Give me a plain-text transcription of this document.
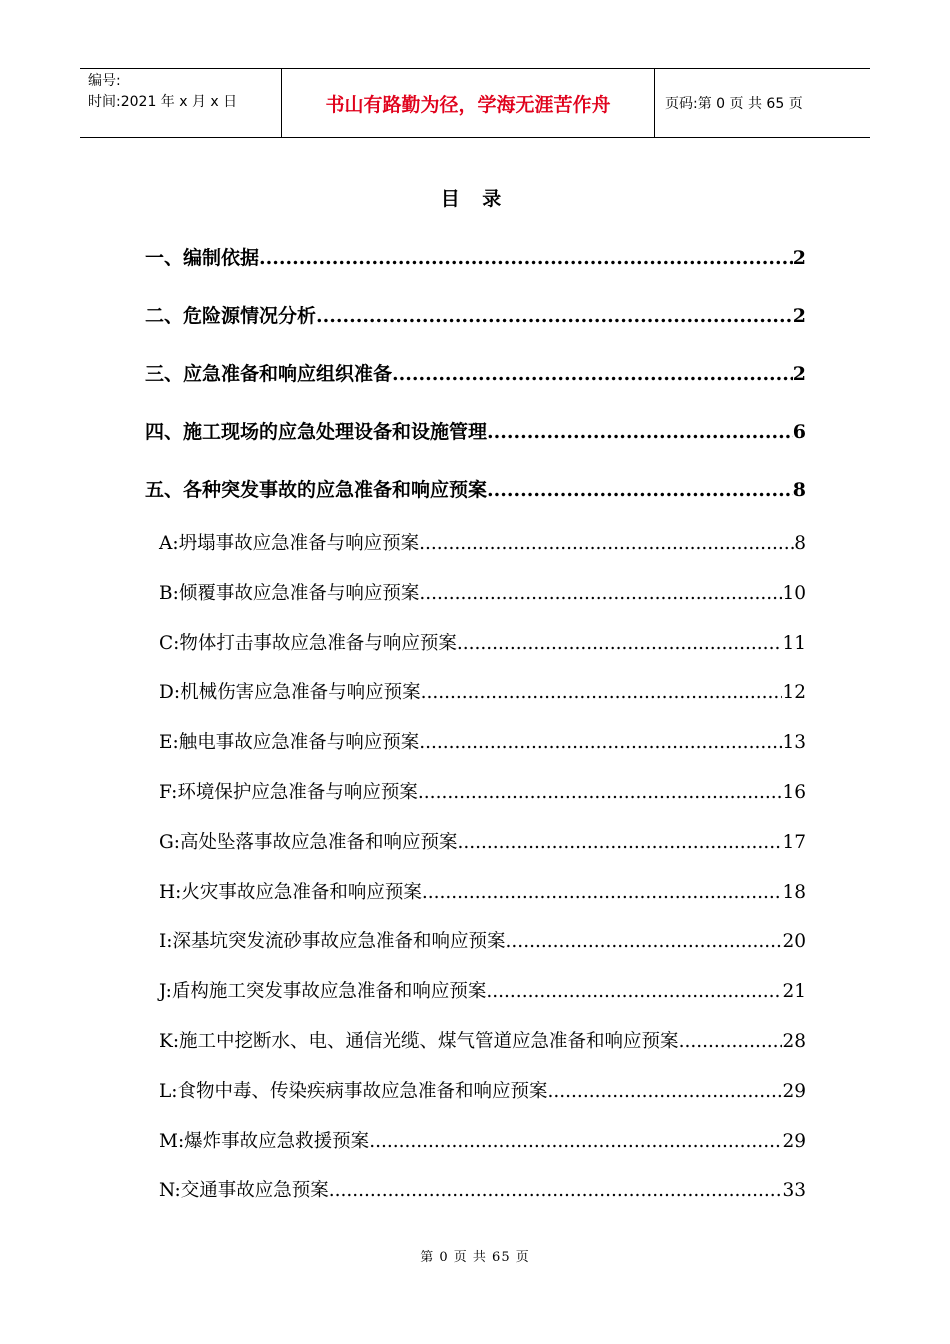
编号:
时间:2021 年 x 月 x 日	书山有路勤为径，学海无涯苦作舟	页码:第 0 页 共 65 页
目 录
一、编制依据 .....	2
二、危险源情况分析 .....	2
三、应急准备和响应组织准备 .....	2
四、施工现场的应急处理设备和设施管理 .....	6
五、各种突发事故的应急准备和响应预案 .....	8
A:坍塌事故应急准备与响应预案 .....	8
B:倾覆事故应急准备与响应预案 .....	10
C:物体打击事故应急准备与响应预案 .....	11
D:机械伤害应急准备与响应预案 .....	12
E:触电事故应急准备与响应预案 .....	13
F:环境保护应急准备与响应预案 .....	16
G:高处坠落事故应急准备和响应预案 .....	17
H:火灾事故应急准备和响应预案 .....	18
I:深基坑突发流砂事故应急准备和响应预案 .....	20
J:盾构施工突发事故应急准备和响应预案 .....	21
K:施工中挖断水、电、通信光缆、煤气管道应急准备和响应预案 .....	28
L:食物中毒、传染疾病事故应急准备和响应预案 .....	29
M:爆炸事故应急救援预案 .....	29
N:交通事故应急预案 .....	33
第 0 页 共 65 页
